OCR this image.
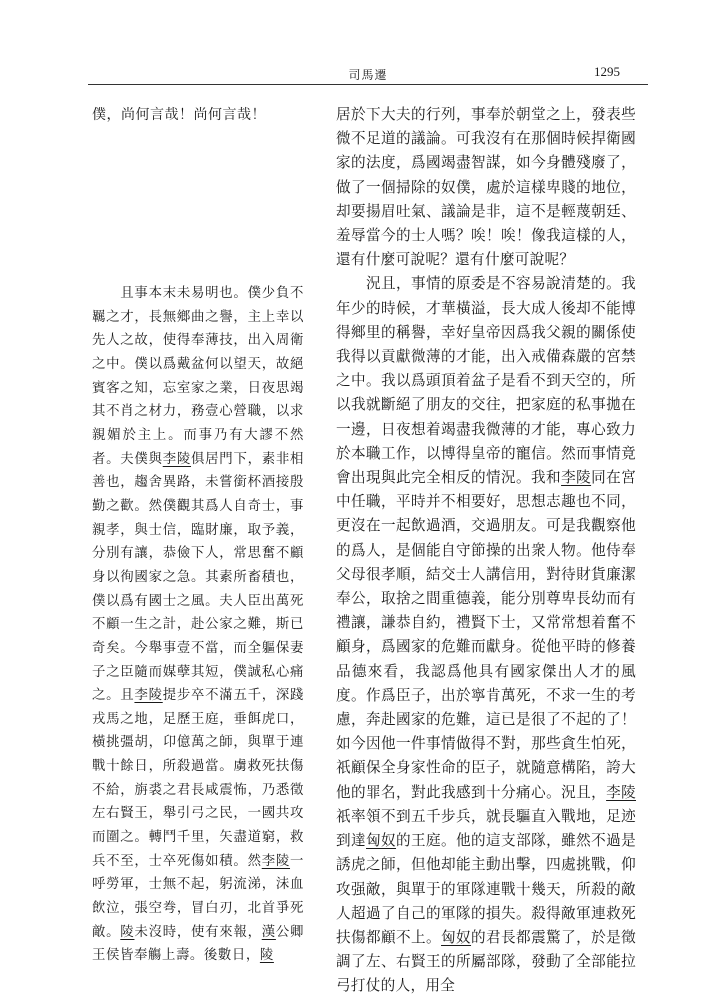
司馬遷	1295

僕，尚何言哉！尚何言哉！

　　且事本末未易明也。僕少負不羈之才，長無鄉曲之譽，主上幸以先人之故，使得奉薄技，出入周衛之中。僕以爲戴盆何以望天，故絕賓客之知，忘室家之業，日夜思竭其不肖之材力，務壹心營職，以求親媚於主上。而事乃有大謬不然者。夫僕與李陵俱居門下，素非相善也，趨舍異路，未嘗銜杯酒接殷勤之歡。然僕觀其爲人自奇士，事親孝，與士信，臨財廉，取予義，分別有讓，恭儉下人，常思奮不顧身以徇國家之急。其素所畜積也，僕以爲有國士之風。夫人臣出萬死不顧一生之計，赴公家之難，斯已奇矣。今舉事壹不當，而全軀保妻子之臣隨而媒孽其短，僕誠私心痛之。且李陵提步卒不滿五千，深踐戎馬之地，足歷王庭，垂餌虎口，橫挑彊胡，卬億萬之師，與單于連戰十餘日，所殺過當。虜救死扶傷不給，旃裘之君長咸震怖，乃悉徵左右賢王，舉引弓之民，一國共攻而圍之。轉鬥千里，矢盡道窮，救兵不至，士卒死傷如積。然李陵一呼勞軍，士無不起，躬流涕，沬血飲泣，張空弮，冒白刃，北首爭死敵。陵未沒時，使有來報，漢公卿王侯皆奉觴上壽。後數日，陵

居於下大夫的行列，事奉於朝堂之上，發表些微不足道的議論。可我沒有在那個時候捍衛國家的法度，爲國竭盡智謀，如今身體殘廢了，做了一個掃除的奴僕，處於這樣卑賤的地位，却要揚眉吐氣、議論是非，這不是輕蔑朝廷、羞辱當今的士人嗎？唉！唉！像我這樣的人，還有什麼可說呢？還有什麼可說呢？

　　況且，事情的原委是不容易說清楚的。我年少的時候，才華橫溢，長大成人後却不能博得鄉里的稱譽，幸好皇帝因爲我父親的關係使我得以貢獻微薄的才能，出入戒備森嚴的宮禁之中。我以爲頭頂着盆子是看不到天空的，所以我就斷絕了朋友的交往，把家庭的私事拋在一邊，日夜想着竭盡我微薄的才能，專心致力於本職工作，以博得皇帝的寵信。然而事情竟會出現與此完全相反的情況。我和李陵同在宮中任職，平時并不相要好，思想志趣也不同，更沒在一起飲過酒，交過朋友。可是我觀察他的爲人，是個能自守節操的出衆人物。他侍奉父母很孝順，結交士人講信用，對待財貨廉潔奉公，取捨之間重德義，能分別尊卑長幼而有禮讓，謙恭自約，禮賢下士，又常常想着奮不顧身，爲國家的危難而獻身。從他平時的修養品德來看，我認爲他具有國家傑出人才的風度。作爲臣子，出於寧肯萬死，不求一生的考慮，奔赴國家的危難，這已是很了不起的了！如今因他一件事情做得不對，那些貪生怕死，祇顧保全身家性命的臣子，就隨意構陷，誇大他的罪名，對此我感到十分痛心。況且，李陵祇率領不到五千步兵，就長驅直入戰地，足迹到達匈奴的王庭。他的這支部隊，雖然不過是誘虎之師，但他却能主動出擊，四處挑戰，仰攻强敵，與單于的軍隊連戰十幾天，所殺的敵人超過了自己的軍隊的損失。殺得敵軍連救死扶傷都顧不上。匈奴的君長都震驚了，於是徵調了左、右賢王的所屬部隊，發動了全部能拉弓打仗的人，用全
